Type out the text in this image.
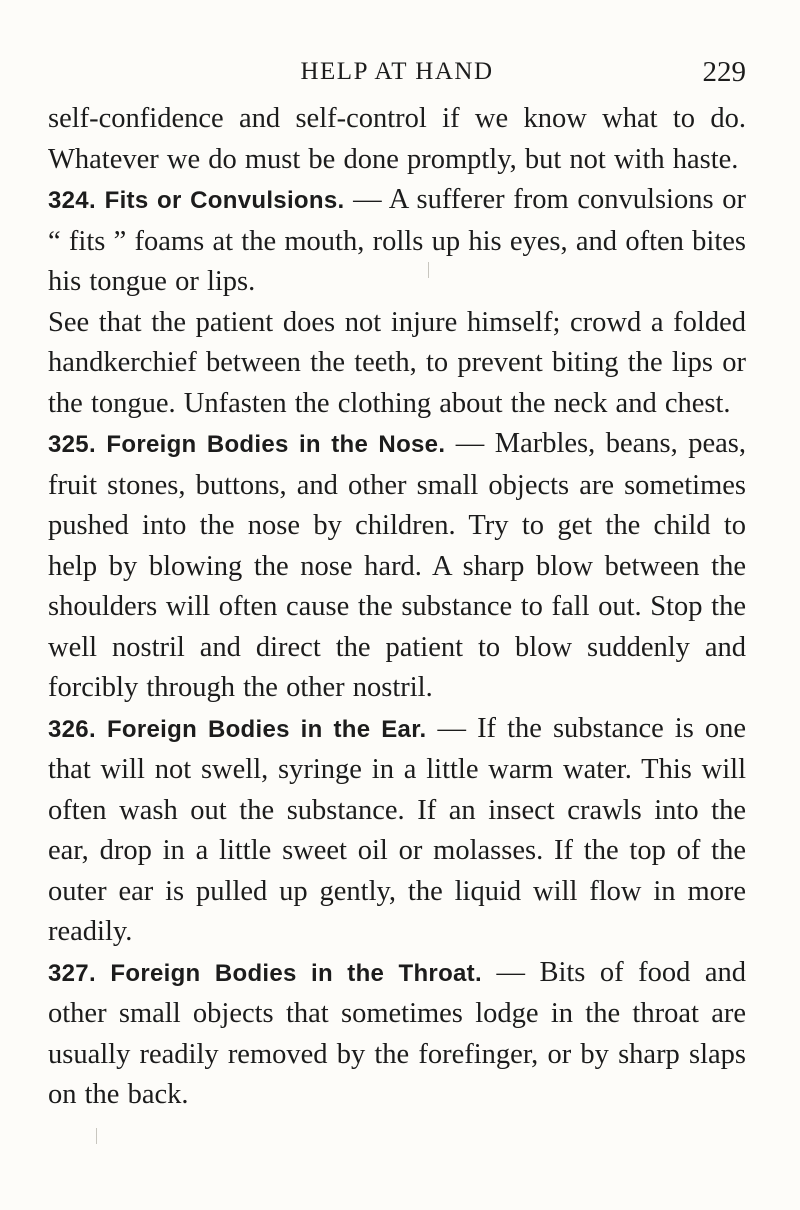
HELP AT HAND	229

self-confidence and self-control if we know what to do. Whatever we do must be done promptly, but not with haste.

324. Fits or Convulsions. — A sufferer from convulsions or “ fits ” foams at the mouth, rolls up his eyes, and often bites his tongue or lips.

See that the patient does not injure himself; crowd a folded handkerchief between the teeth, to prevent biting the lips or the tongue. Unfasten the clothing about the neck and chest.

325. Foreign Bodies in the Nose. — Marbles, beans, peas, fruit stones, buttons, and other small objects are sometimes pushed into the nose by children. Try to get the child to help by blowing the nose hard. A sharp blow between the shoulders will often cause the substance to fall out. Stop the well nostril and direct the patient to blow suddenly and forcibly through the other nostril.

326. Foreign Bodies in the Ear. — If the substance is one that will not swell, syringe in a little warm water. This will often wash out the substance. If an insect crawls into the ear, drop in a little sweet oil or molasses. If the top of the outer ear is pulled up gently, the liquid will flow in more readily.

327. Foreign Bodies in the Throat. — Bits of food and other small objects that sometimes lodge in the throat are usually readily removed by the forefinger, or by sharp slaps on the back.
